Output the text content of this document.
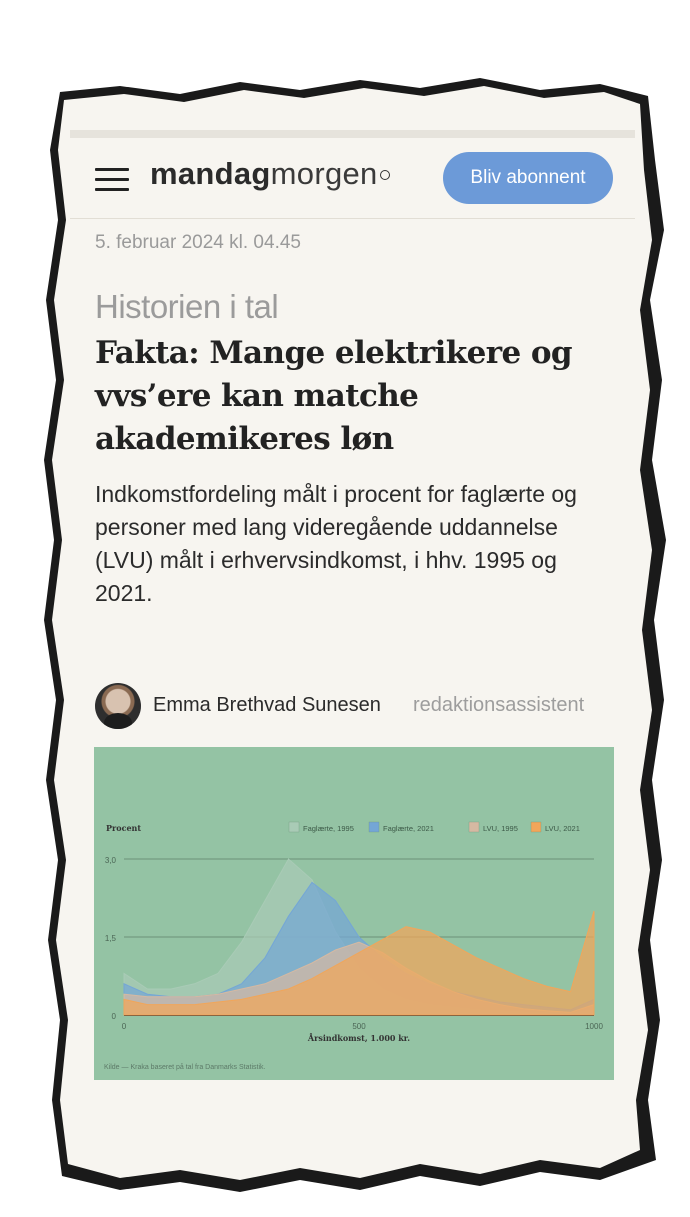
mandagmorgen	Bliv abonnent
5. februar 2024 kl. 04.45
Historien i tal
Fakta: Mange elektrikere og vvs’ere kan matche akademikeres løn
Indkomstfordeling målt i procent for faglærte og personer med lang videregående uddannelse (LVU) målt i erhvervsindkomst, i hhv. 1995 og 2021.
Emma Brethvad Sunesen redaktionsassistent
3,0
1,5
0
0	500	1000
Procent
Årsindkomst, 1.000 kr.
Faglærte, 1995	Faglærte, 2021	LVU, 1995	LVU, 2021
Kilde — Kraka baseret på tal fra Danmarks Statistik.
